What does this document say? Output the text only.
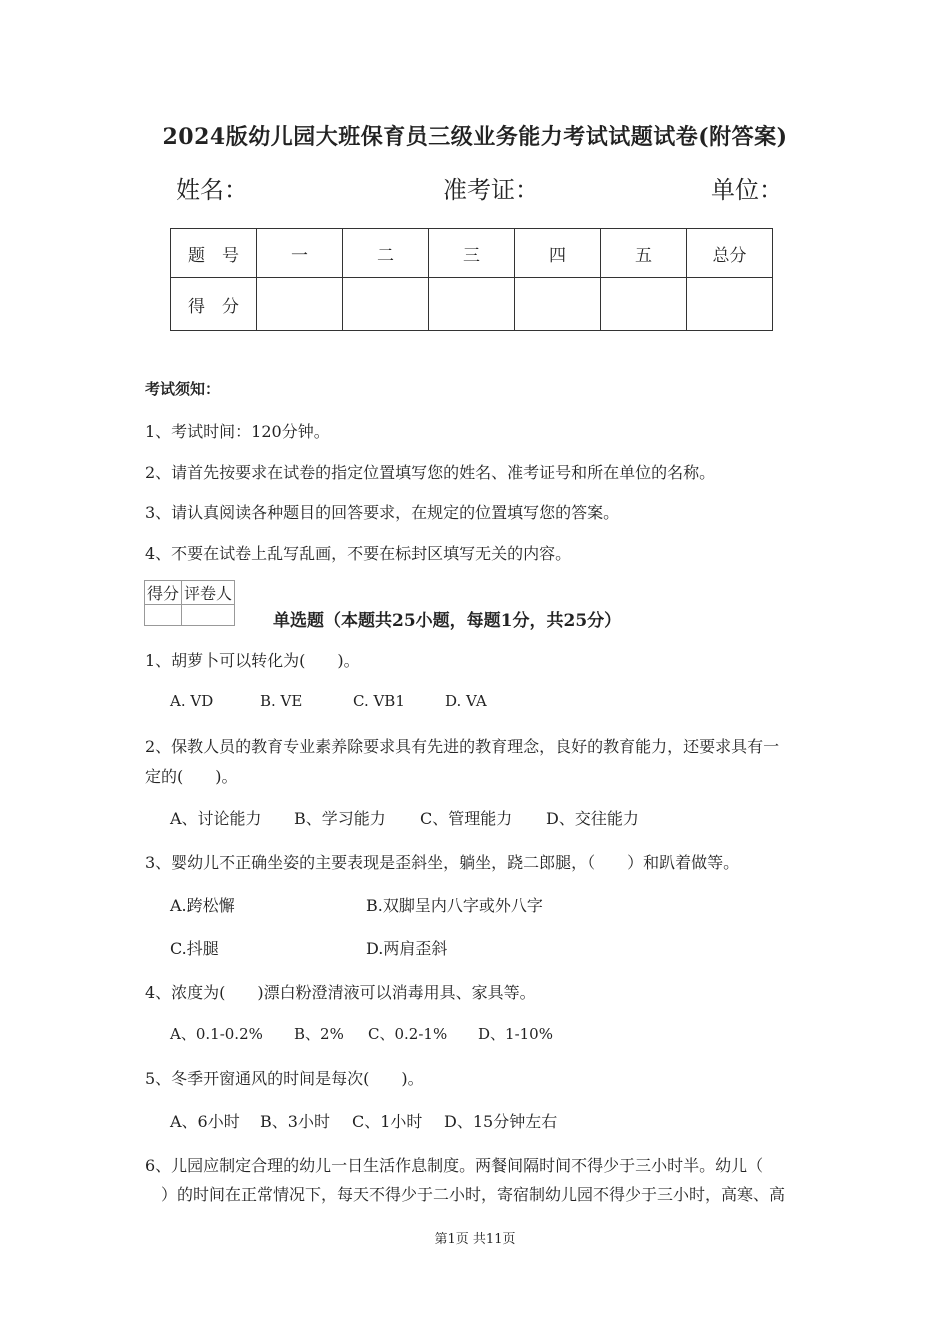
2024版幼儿园大班保育员三级业务能力考试试题试卷(附答案)
姓名：	准考证：	单位：
题　号	一	二	三	四	五	总分
得　分						
考试须知：
1、考试时间：120分钟。
2、请首先按要求在试卷的指定位置填写您的姓名、准考证号和所在单位的名称。
3、请认真阅读各种题目的回答要求，在规定的位置填写您的答案。
4、不要在试卷上乱写乱画，不要在标封区填写无关的内容。
得分	评卷人

单选题（本题共25小题，每题1分，共25分）
1、胡萝卜可以转化为(　　)。
A. VD	B. VE	C. VB1	D. VA
2、保教人员的教育专业素养除要求具有先进的教育理念，良好的教育能力，还要求具有一
定的(　　)。
A、讨论能力 B、学习能力 C、管理能力 D、交往能力
3、婴幼儿不正确坐姿的主要表现是歪斜坐，躺坐，跷二郎腿，（　　）和趴着做等。
A.跨松懈	B.双脚呈内八字或外八字
C.抖腿	D.两肩歪斜
4、浓度为(　　)漂白粉澄清液可以消毒用具、家具等。
A、0.1-0.2% B、2% C、0.2-1% D、1-10%
5、冬季开窗通风的时间是每次(　　)。
A、6小时 B、3小时 C、1小时 D、15分钟左右
6、儿园应制定合理的幼儿一日生活作息制度。两餐间隔时间不得少于三小时半。幼儿（
　）的时间在正常情况下，每天不得少于二小时，寄宿制幼儿园不得少于三小时，高寒、高
第1页 共11页
